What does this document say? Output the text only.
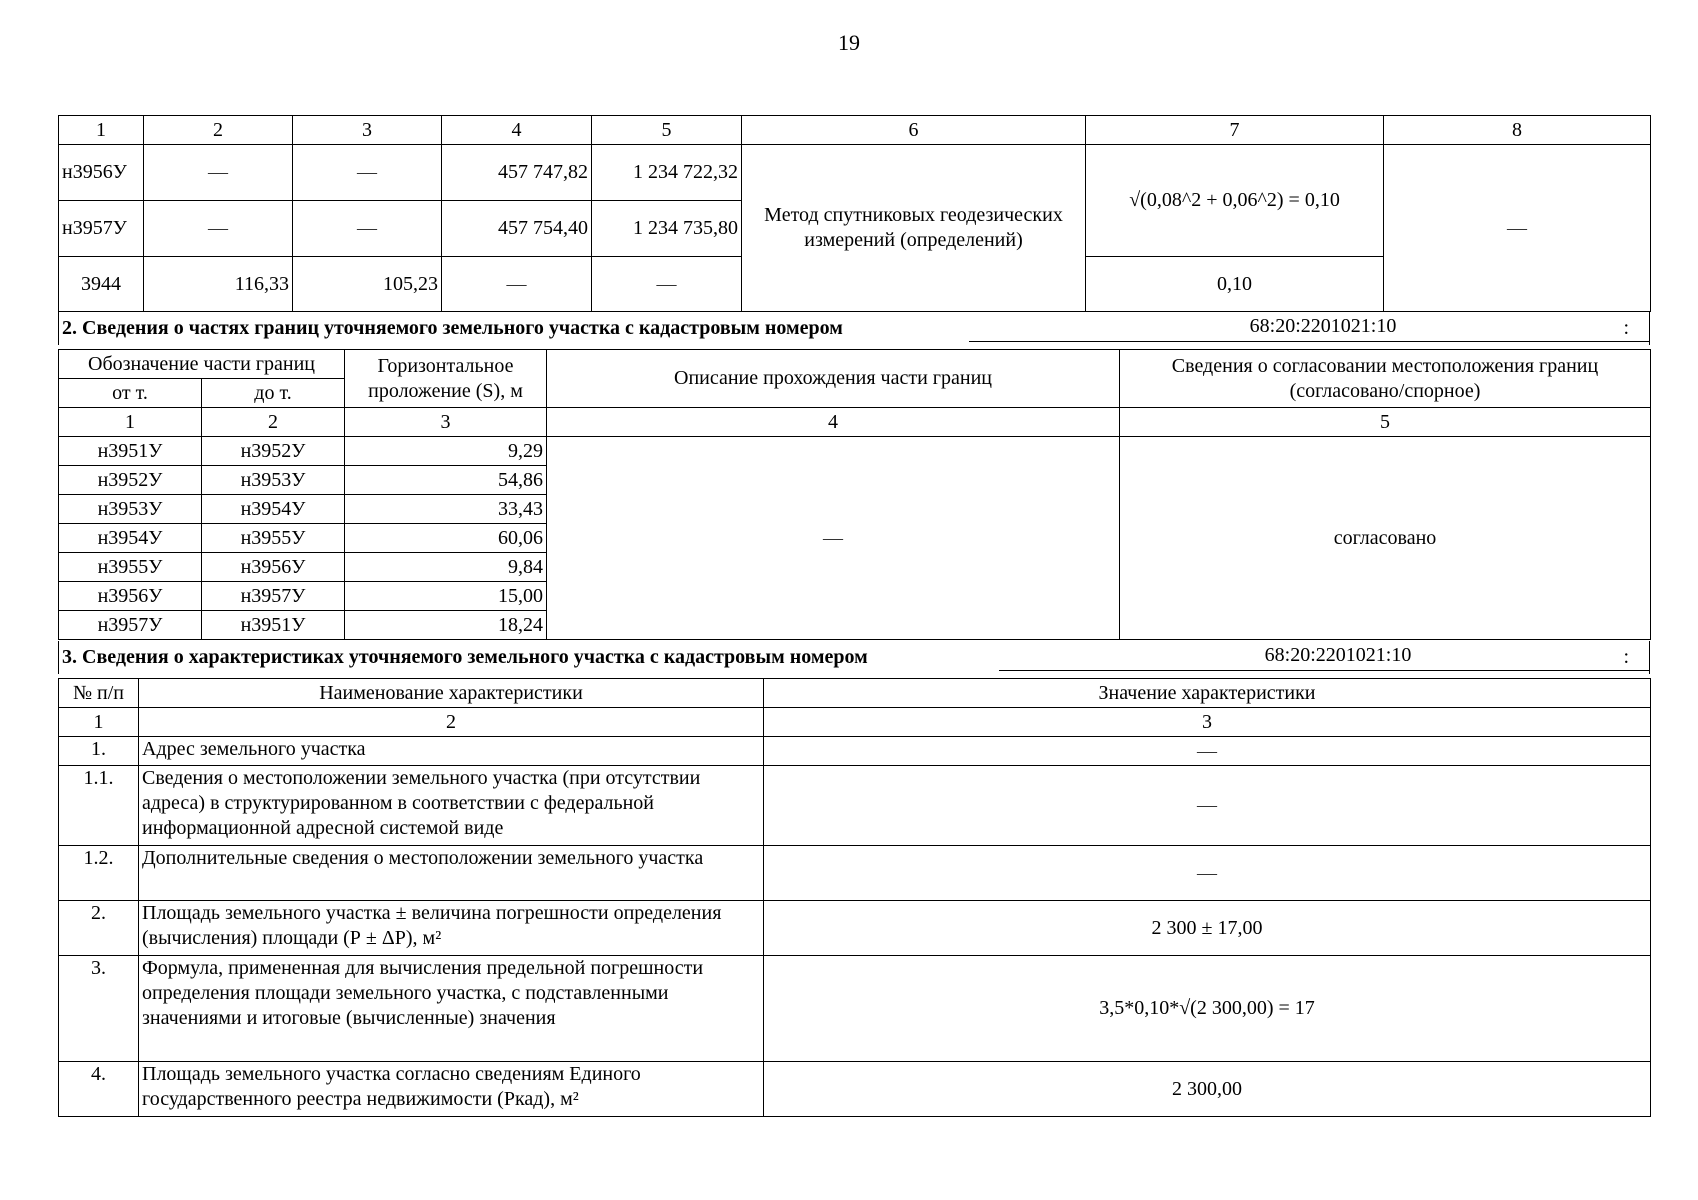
19
1	2	3	4	5	6	7	8
н3956У	—	—	457 747,82	1 234 722,32	Метод спутниковых геодезических измерений (определений)	√(0,08^2 + 0,06^2) = 0,10	—
н3957У	—	—	457 754,40	1 234 735,80			
3944	116,33	105,23	—	—		0,10	
2. Сведения о частях границ уточняемого земельного участка с кадастровым номером	68:20:2201021:10	:
Обозначение части границ		Горизонтальное проложение (S), м	Описание прохождения части границ	Сведения о согласовании местоположения границ (согласовано/спорное)
от т.	до т.			
1	2	3	4	5
н3951У	н3952У	9,29	—	согласовано
н3952У	н3953У	54,86		
н3953У	н3954У	33,43		
н3954У	н3955У	60,06		
н3955У	н3956У	9,84		
н3956У	н3957У	15,00		
н3957У	н3951У	18,24		
3. Сведения о характеристиках уточняемого земельного участка с кадастровым номером	68:20:2201021:10	:
№ п/п	Наименование характеристики	Значение характеристики
1	2	3
1.	Адрес земельного участка	—
1.1.	Сведения о местоположении земельного участка (при отсутствии адреса) в структурированном в соответствии с федеральной информационной адресной системой виде	—
1.2.	Дополнительные сведения о местоположении земельного участка	—
2.	Площадь земельного участка ± величина погрешности определения (вычисления) площади (Р ± ΔР), м²	2 300 ± 17,00
3.	Формула, примененная для вычисления предельной погрешности определения площади земельного участка, с подставленными значениями и итоговые (вычисленные) значения	3,5*0,10*√(2 300,00) = 17
4.	Площадь земельного участка согласно сведениям Единого государственного реестра недвижимости (Ркад), м²	2 300,00
